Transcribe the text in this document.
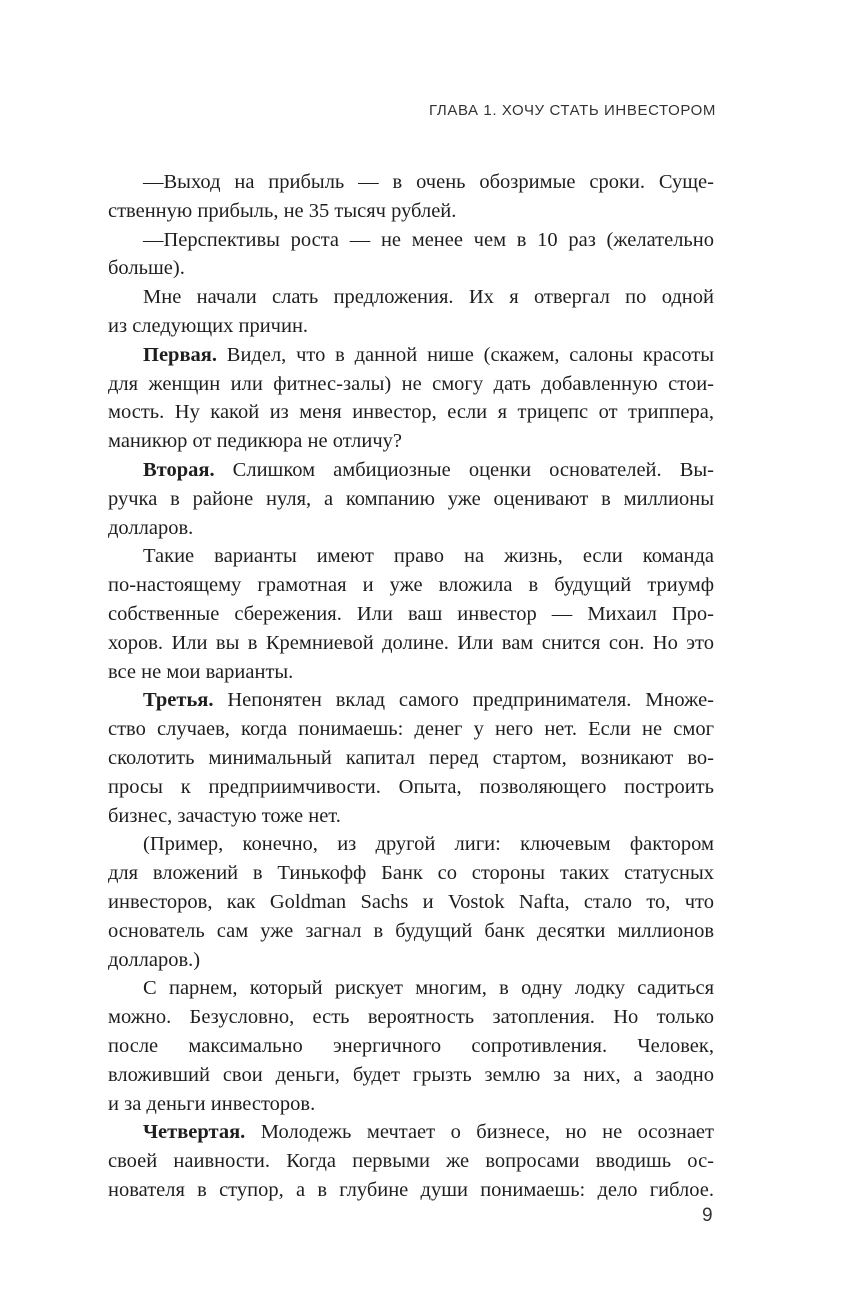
ГЛАВА 1. ХОЧУ СТАТЬ ИНВЕСТОРОМ
—Выход на прибыль — в очень обозримые сроки. Суще-
ственную прибыль, не 35 тысяч рублей.
—Перспективы роста — не менее чем в 10 раз (желательно
больше).
Мне начали слать предложения. Их я отвергал по одной
из следующих причин.
Первая. Видел, что в данной нише (скажем, салоны красоты
для женщин или фитнес-залы) не смогу дать добавленную стои-
мость. Ну какой из меня инвестор, если я трицепс от триппера,
маникюр от педикюра не отличу?
Вторая. Слишком амбициозные оценки основателей. Вы-
ручка в районе нуля, а компанию уже оценивают в миллионы
долларов.
Такие варианты имеют право на жизнь, если команда
по-настоящему грамотная и уже вложила в будущий триумф
собственные сбережения. Или ваш инвестор — Михаил Про-
хоров. Или вы в Кремниевой долине. Или вам снится сон. Но это
все не мои варианты.
Третья. Непонятен вклад самого предпринимателя. Множе-
ство случаев, когда понимаешь: денег у него нет. Если не смог
сколотить минимальный капитал перед стартом, возникают во-
просы к предприимчивости. Опыта, позволяющего построить
бизнес, зачастую тоже нет.
(Пример, конечно, из другой лиги: ключевым фактором
для вложений в Тинькофф Банк со стороны таких статусных
инвесторов, как Goldman Sachs и Vostok Nafta, стало то, что
основатель сам уже загнал в будущий банк десятки миллионов
долларов.)
С парнем, который рискует многим, в одну лодку садиться
можно. Безусловно, есть вероятность затопления. Но только
после максимально энергичного сопротивления. Человек,
вложивший свои деньги, будет грызть землю за них, а заодно
и за деньги инвесторов.
Четвертая. Молодежь мечтает о бизнесе, но не осознает
своей наивности. Когда первыми же вопросами вводишь ос-
нователя в ступор, а в глубине души понимаешь: дело гиблое.
9
